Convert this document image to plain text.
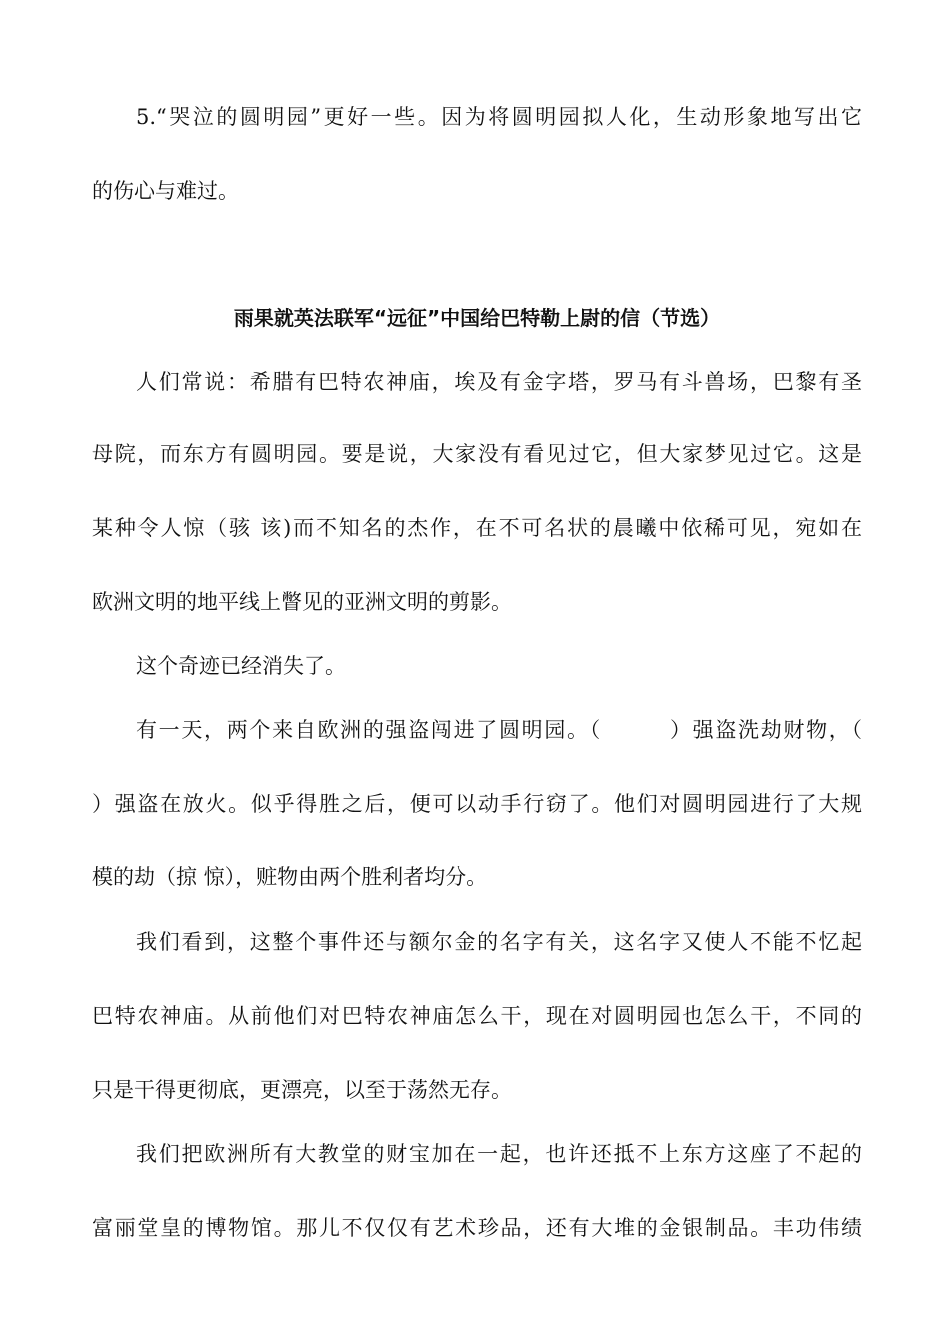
5.“哭泣的圆明园”更好一些。因为将圆明园拟人化，生动形象地写出它
的伤心与难过。
雨果就英法联军“远征”中国给巴特勒上尉的信（节选）
人们常说：希腊有巴特农神庙，埃及有金字塔，罗马有斗兽场，巴黎有圣
母院，而东方有圆明园。要是说，大家没有看见过它，但大家梦见过它。这是
某种令人惊（骇 该)而不知名的杰作，在不可名状的晨曦中依稀可见，宛如在
欧洲文明的地平线上瞥见的亚洲文明的剪影。
这个奇迹已经消失了。
有一天，两个来自欧洲的强盗闯进了圆明园。（　　　）强盗洗劫财物，（
）强盗在放火。似乎得胜之后，便可以动手行窃了。他们对圆明园进行了大规
模的劫（掠 惊），赃物由两个胜利者均分。
我们看到，这整个事件还与额尔金的名字有关，这名字又使人不能不忆起
巴特农神庙。从前他们对巴特农神庙怎么干，现在对圆明园也怎么干，不同的
只是干得更彻底，更漂亮，以至于荡然无存。
我们把欧洲所有大教堂的财宝加在一起，也许还抵不上东方这座了不起的
富丽堂皇的博物馆。那儿不仅仅有艺术珍品，还有大堆的金银制品。丰功伟绩
